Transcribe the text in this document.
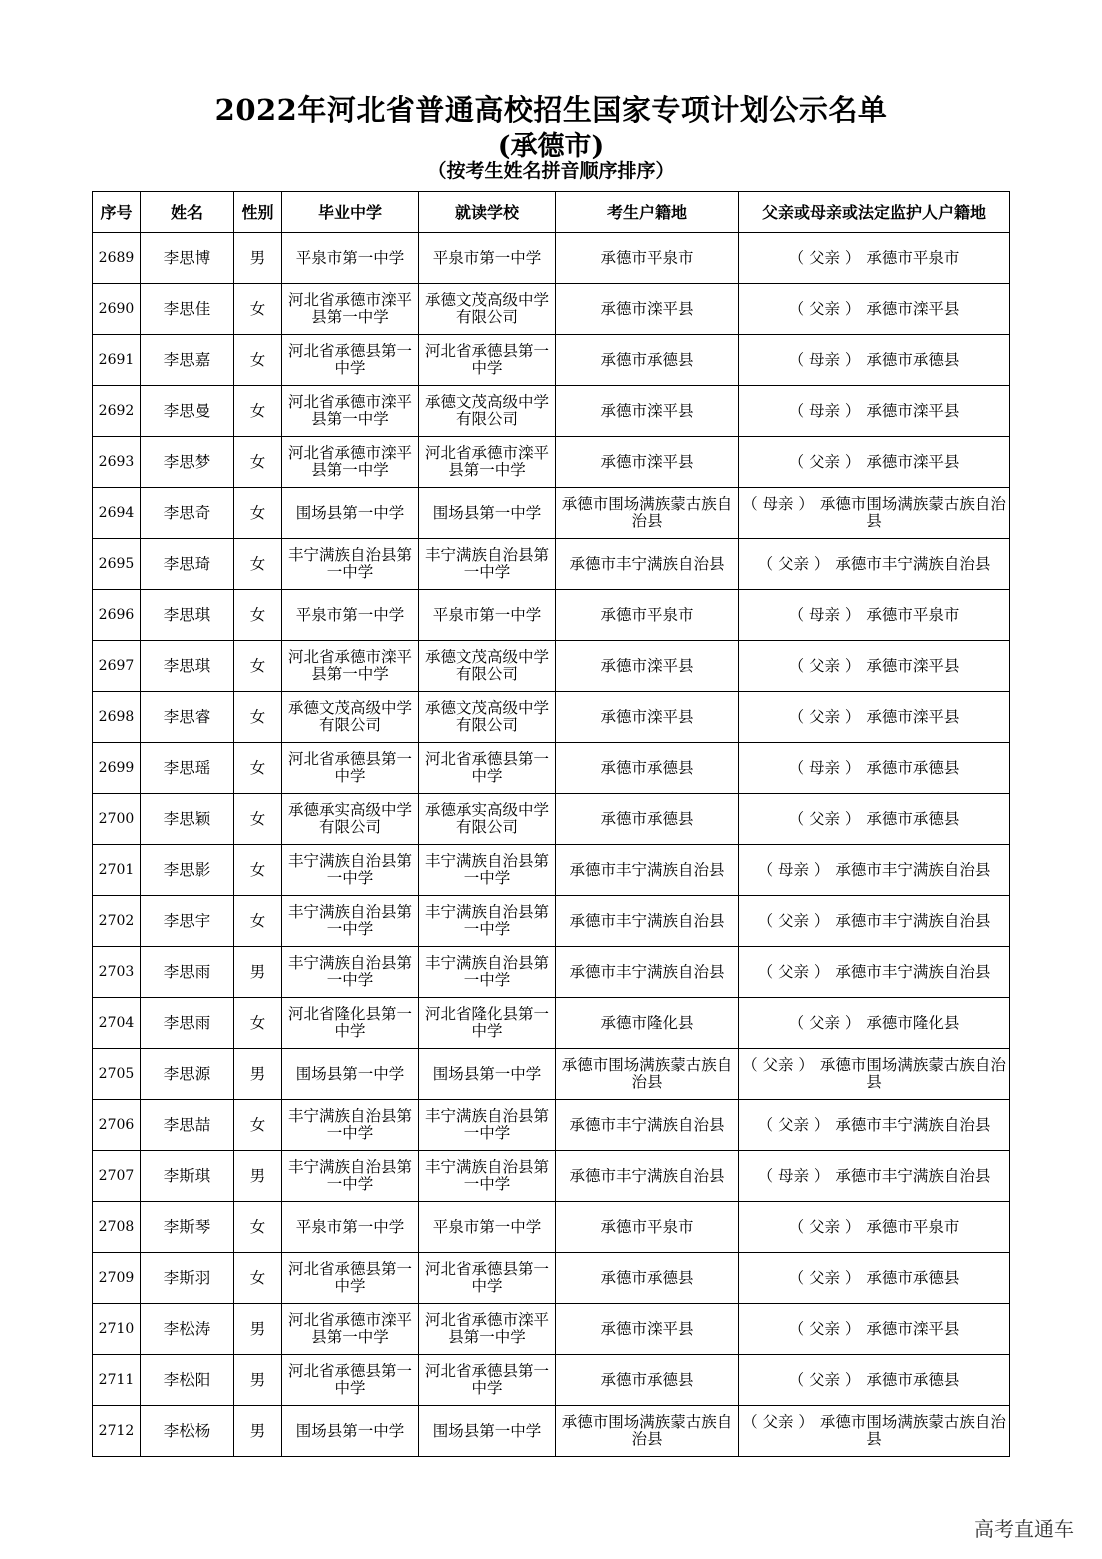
2022年河北省普通高校招生国家专项计划公示名单
(承德市)
（按考生姓名拼音顺序排序）
序号	姓名	性别	毕业中学	就读学校	考生户籍地	父亲或母亲或法定监护人户籍地
2689	李思博	男	平泉市第一中学	平泉市第一中学	承德市平泉市	（ 父亲 ） 承德市平泉市
2690	李思佳	女	河北省承德市滦平县第一中学	承德文茂高级中学有限公司	承德市滦平县	（ 父亲 ） 承德市滦平县
2691	李思嘉	女	河北省承德县第一中学	河北省承德县第一中学	承德市承德县	（ 母亲 ） 承德市承德县
2692	李思曼	女	河北省承德市滦平县第一中学	承德文茂高级中学有限公司	承德市滦平县	（ 母亲 ） 承德市滦平县
2693	李思梦	女	河北省承德市滦平县第一中学	河北省承德市滦平县第一中学	承德市滦平县	（ 父亲 ） 承德市滦平县
2694	李思奇	女	围场县第一中学	围场县第一中学	承德市围场满族蒙古族自治县	（ 母亲 ） 承德市围场满族蒙古族自治县
2695	李思琦	女	丰宁满族自治县第一中学	丰宁满族自治县第一中学	承德市丰宁满族自治县	（ 父亲 ） 承德市丰宁满族自治县
2696	李思琪	女	平泉市第一中学	平泉市第一中学	承德市平泉市	（ 母亲 ） 承德市平泉市
2697	李思琪	女	河北省承德市滦平县第一中学	承德文茂高级中学有限公司	承德市滦平县	（ 父亲 ） 承德市滦平县
2698	李思睿	女	承德文茂高级中学有限公司	承德文茂高级中学有限公司	承德市滦平县	（ 父亲 ） 承德市滦平县
2699	李思瑶	女	河北省承德县第一中学	河北省承德县第一中学	承德市承德县	（ 母亲 ） 承德市承德县
2700	李思颖	女	承德承实高级中学有限公司	承德承实高级中学有限公司	承德市承德县	（ 父亲 ） 承德市承德县
2701	李思影	女	丰宁满族自治县第一中学	丰宁满族自治县第一中学	承德市丰宁满族自治县	（ 母亲 ） 承德市丰宁满族自治县
2702	李思宇	女	丰宁满族自治县第一中学	丰宁满族自治县第一中学	承德市丰宁满族自治县	（ 父亲 ） 承德市丰宁满族自治县
2703	李思雨	男	丰宁满族自治县第一中学	丰宁满族自治县第一中学	承德市丰宁满族自治县	（ 父亲 ） 承德市丰宁满族自治县
2704	李思雨	女	河北省隆化县第一中学	河北省隆化县第一中学	承德市隆化县	（ 父亲 ） 承德市隆化县
2705	李思源	男	围场县第一中学	围场县第一中学	承德市围场满族蒙古族自治县	（ 父亲 ） 承德市围场满族蒙古族自治县
2706	李思喆	女	丰宁满族自治县第一中学	丰宁满族自治县第一中学	承德市丰宁满族自治县	（ 父亲 ） 承德市丰宁满族自治县
2707	李斯琪	男	丰宁满族自治县第一中学	丰宁满族自治县第一中学	承德市丰宁满族自治县	（ 母亲 ） 承德市丰宁满族自治县
2708	李斯琴	女	平泉市第一中学	平泉市第一中学	承德市平泉市	（ 父亲 ） 承德市平泉市
2709	李斯羽	女	河北省承德县第一中学	河北省承德县第一中学	承德市承德县	（ 父亲 ） 承德市承德县
2710	李松涛	男	河北省承德市滦平县第一中学	河北省承德市滦平县第一中学	承德市滦平县	（ 父亲 ） 承德市滦平县
2711	李松阳	男	河北省承德县第一中学	河北省承德县第一中学	承德市承德县	（ 父亲 ） 承德市承德县
2712	李松杨	男	围场县第一中学	围场县第一中学	承德市围场满族蒙古族自治县	（ 父亲 ） 承德市围场满族蒙古族自治县
高考直通车
